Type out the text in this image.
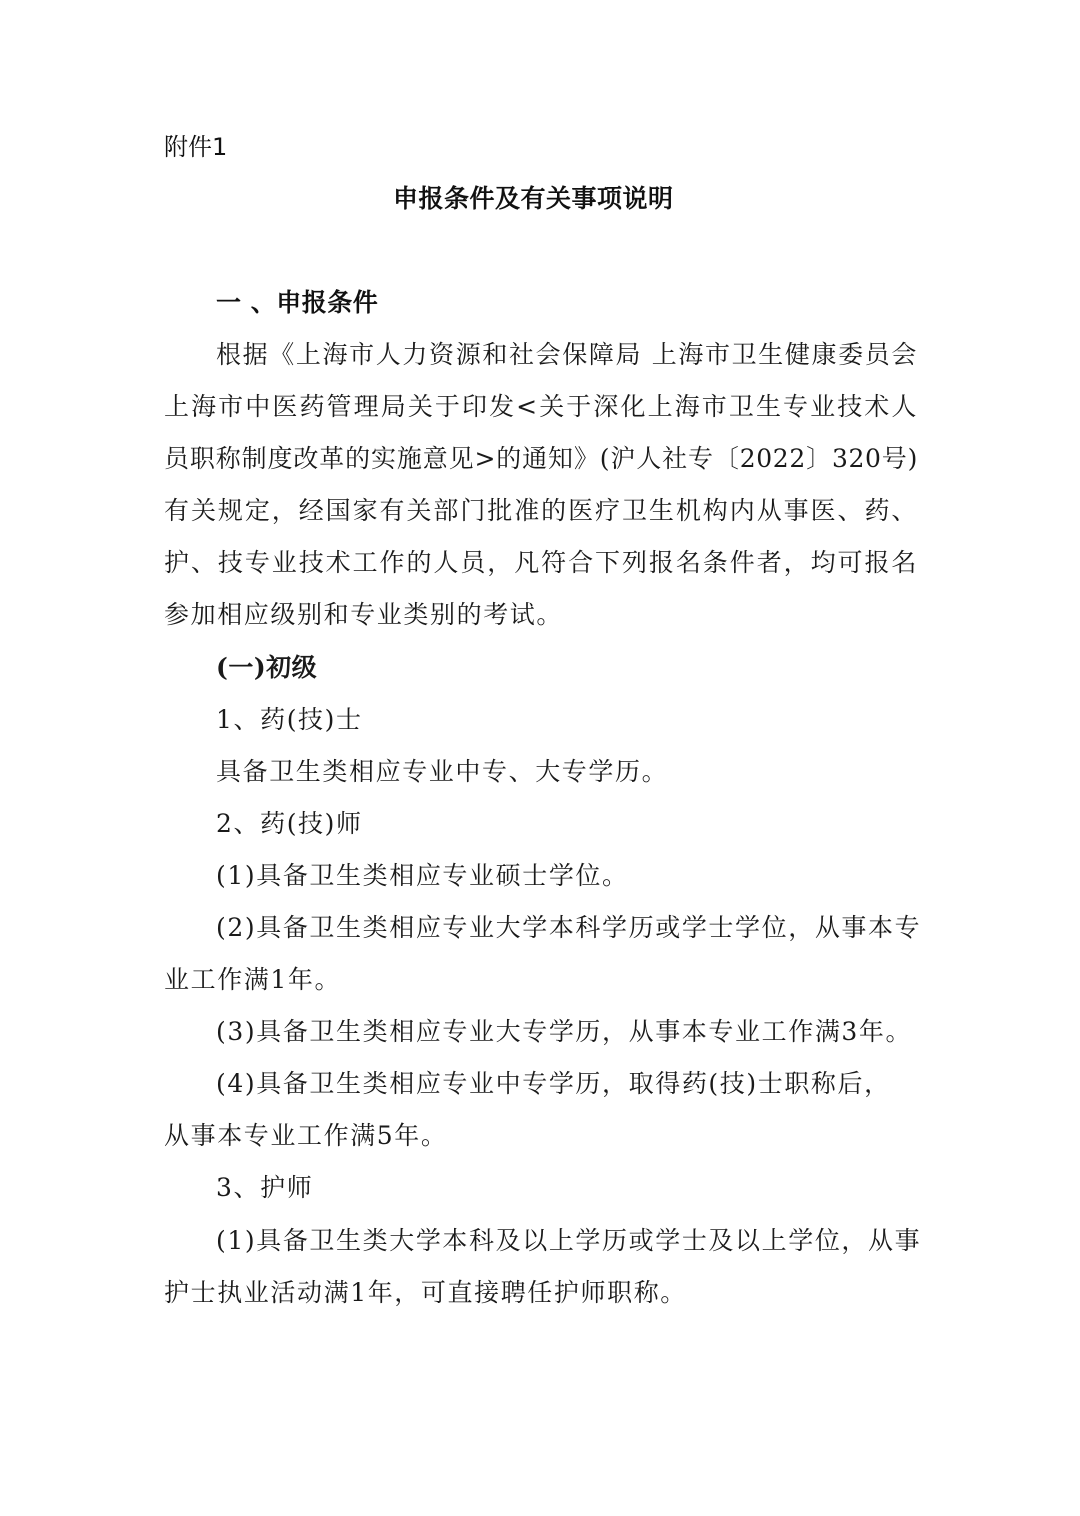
附件1
申报条件及有关事项说明
一 、申报条件
根据《上海市人力资源和社会保障局 上海市卫生健康委员会
上海市中医药管理局关于印发<关于深化上海市卫生专业技术人
员职称制度改革的实施意见>的通知》(沪人社专〔2022〕320号)
有关规定，经国家有关部门批准的医疗卫生机构内从事医、药、
护、技专业技术工作的人员，凡符合下列报名条件者，均可报名
参加相应级别和专业类别的考试。
(一)初级
1、药(技)士
具备卫生类相应专业中专、大专学历。
2、药(技)师
(1)具备卫生类相应专业硕士学位。
(2)具备卫生类相应专业大学本科学历或学士学位，从事本专
业工作满1年。
(3)具备卫生类相应专业大专学历，从事本专业工作满3年。
(4)具备卫生类相应专业中专学历，取得药(技)士职称后，
从事本专业工作满5年。
3、护师
(1)具备卫生类大学本科及以上学历或学士及以上学位，从事
护士执业活动满1年，可直接聘任护师职称。
